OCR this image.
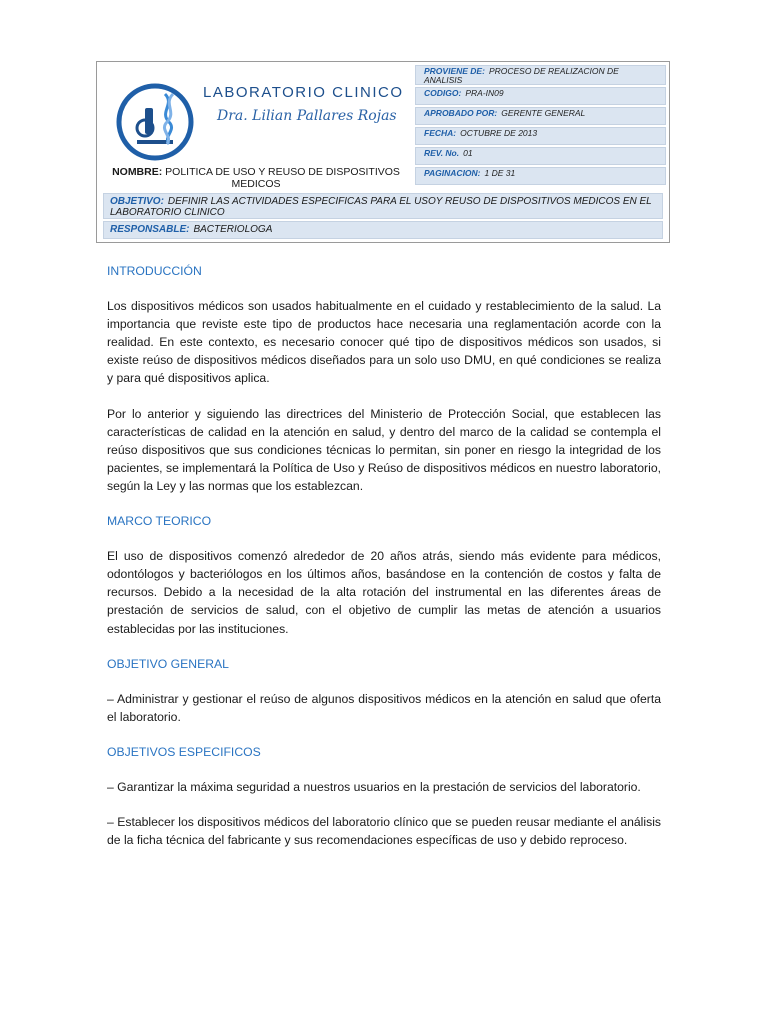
LABORATORIO CLINICO
Dra. Lilian Pallares Rojas
NOMBRE: POLITICA DE USO Y REUSO DE DISPOSITIVOS MEDICOS
PROVIENE DE: PROCESO DE REALIZACION DE ANALISIS
CODIGO: PRA-IN09
APROBADO POR: GERENTE GENERAL
FECHA: OCTUBRE DE 2013
REV. No. 01
PAGINACION: 1 DE 31
OBJETIVO: DEFINIR LAS ACTIVIDADES ESPECIFICAS PARA EL USOY REUSO DE DISPOSITIVOS MEDICOS EN EL LABORATORIO CLINICO
RESPONSABLE: BACTERIOLOGA
INTRODUCCIÓN

Los dispositivos médicos son usados habitualmente en el cuidado y restablecimiento de la salud. La importancia que reviste este tipo de productos hace necesaria una reglamentación acorde con la realidad. En este contexto, es necesario conocer qué tipo de dispositivos médicos son usados, si existe reúso de dispositivos médicos diseñados para un solo uso DMU, en qué condiciones se realiza y para qué dispositivos aplica.

Por lo anterior y siguiendo las directrices del Ministerio de Protección Social, que establecen las características de calidad en la atención en salud, y dentro del marco de la calidad se contempla el reúso dispositivos que sus condiciones técnicas lo permitan, sin poner en riesgo la integridad de los pacientes, se implementará la Política de Uso y Reúso de dispositivos médicos en nuestro laboratorio, según la Ley y las normas que los establezcan.

MARCO TEORICO

El uso de dispositivos comenzó alrededor de 20 años atrás, siendo más evidente para médicos, odontólogos y bacteriólogos en los últimos años, basándose en la contención de costos y falta de recursos. Debido a la necesidad de la alta rotación del instrumental en las diferentes áreas de prestación de servicios de salud, con el objetivo de cumplir las metas de atención a usuarios establecidas por las instituciones.

OBJETIVO GENERAL

– Administrar y gestionar el reúso de algunos dispositivos médicos en la atención en salud que oferta el laboratorio.

OBJETIVOS ESPECIFICOS

– Garantizar la máxima seguridad a nuestros usuarios en la prestación de servicios del laboratorio.

– Establecer los dispositivos médicos del laboratorio clínico que se pueden reusar mediante el análisis de la ficha técnica del fabricante y sus recomendaciones específicas de uso y debido reproceso.
